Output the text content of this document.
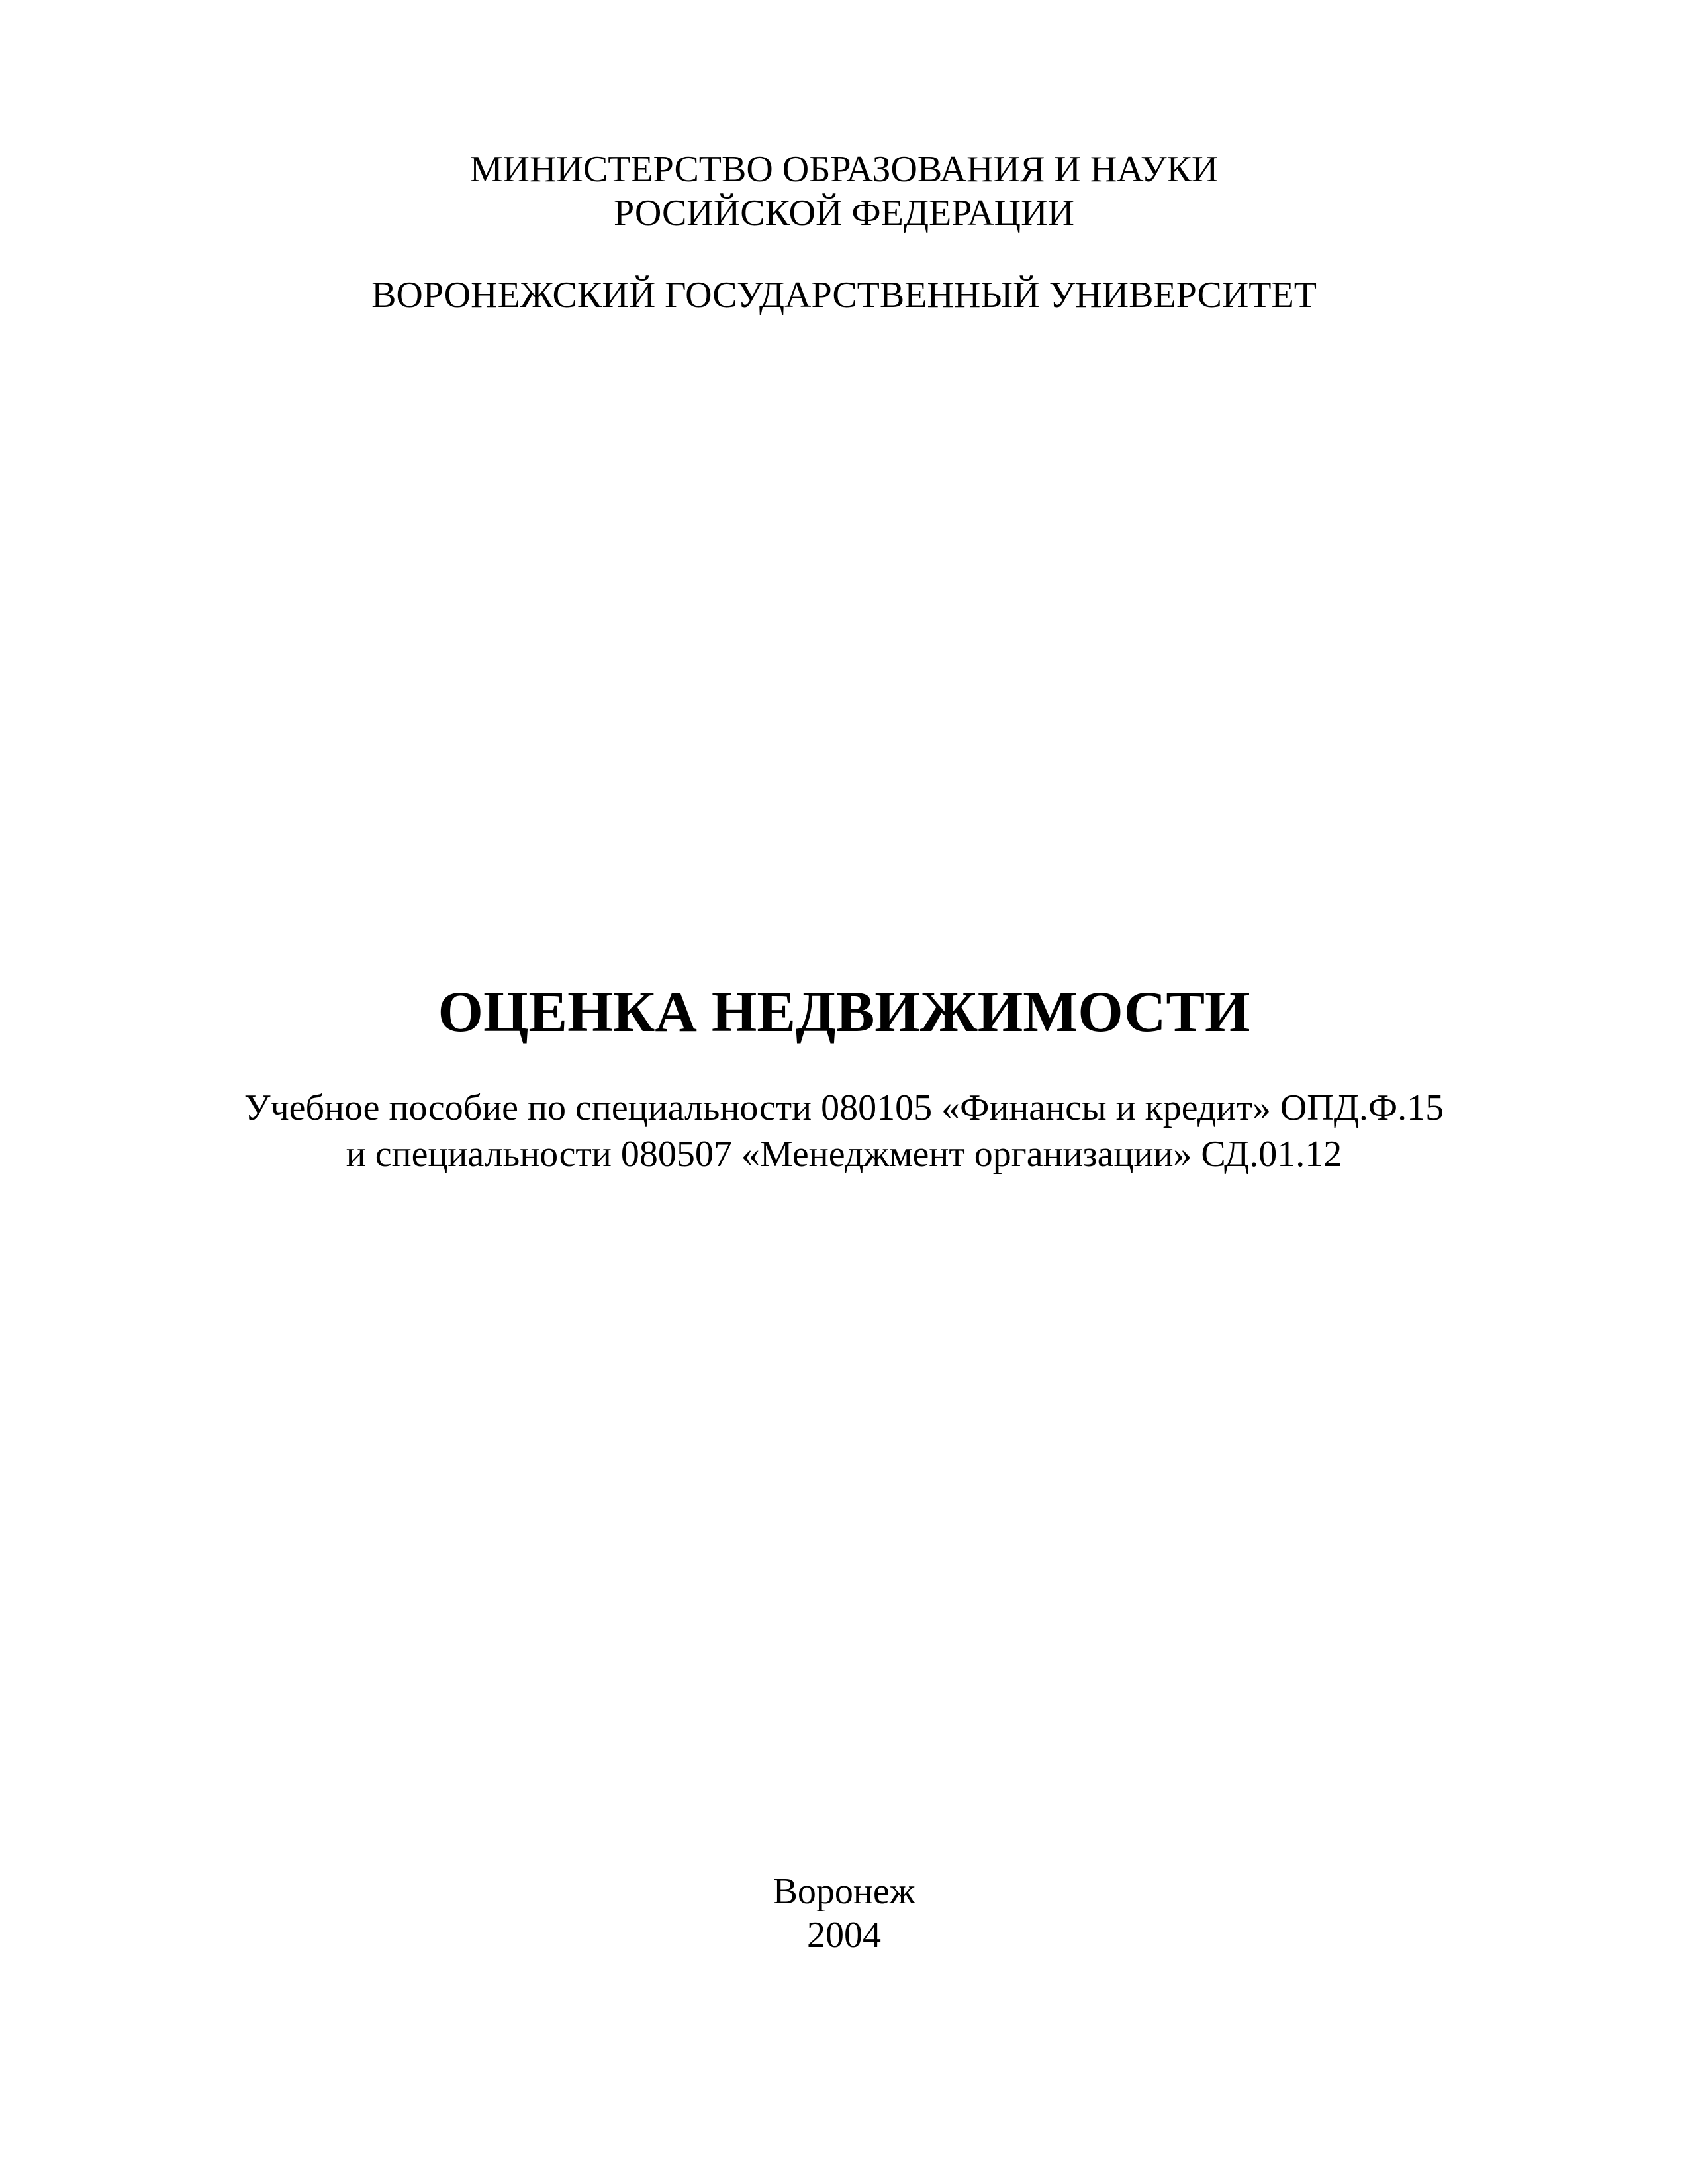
МИНИСТЕРСТВО ОБРАЗОВАНИЯ И НАУКИ
РОСИЙСКОЙ ФЕДЕРАЦИИ
ВОРОНЕЖСКИЙ ГОСУДАРСТВЕННЫЙ УНИВЕРСИТЕТ
ОЦЕНКА НЕДВИЖИМОСТИ
Учебное пособие по специальности 080105 «Финансы и кредит» ОПД.Ф.15
и специальности 080507 «Менеджмент организации» СД.01.12
Воронеж
2004
